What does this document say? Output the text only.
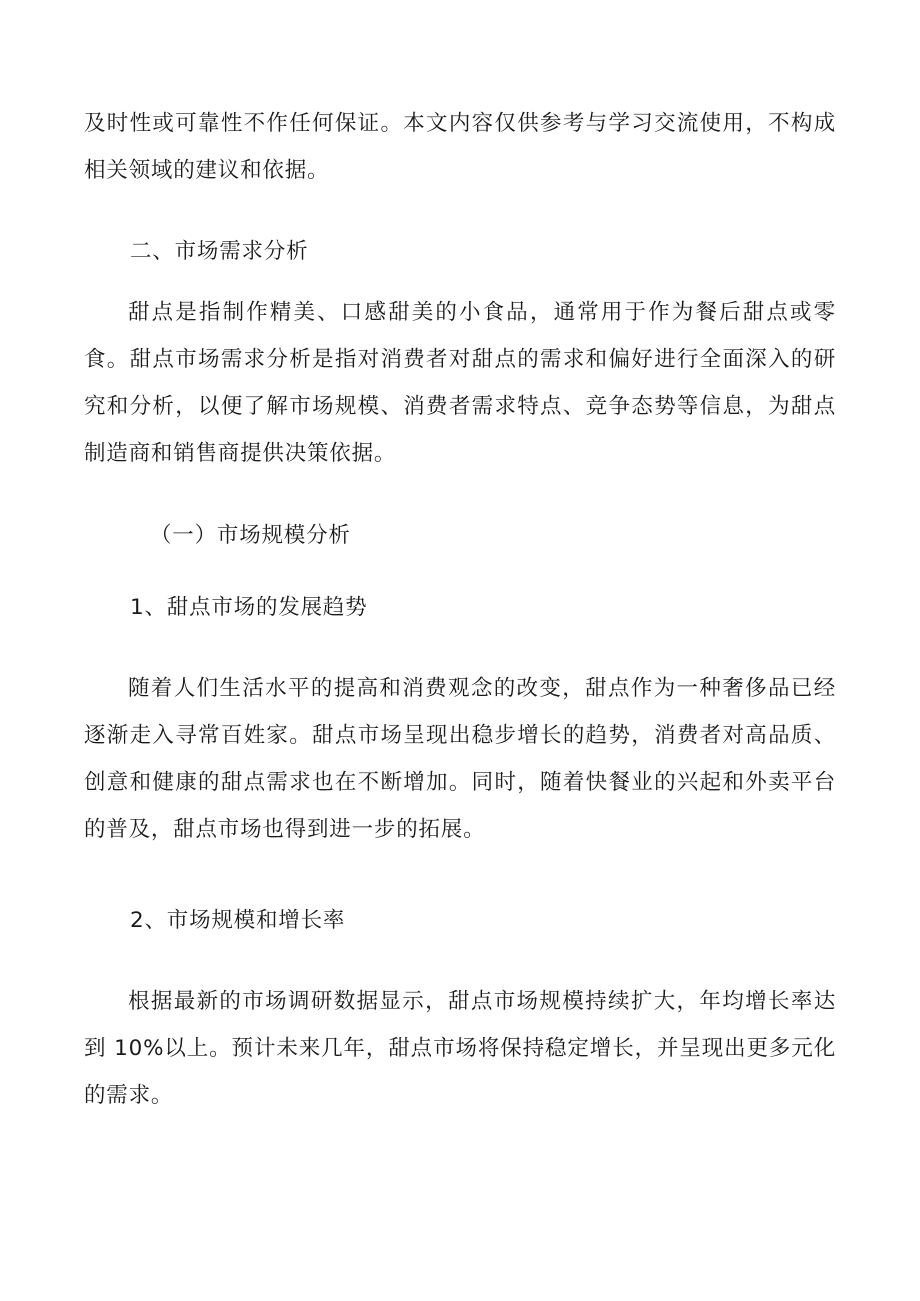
及时性或可靠性不作任何保证。本文内容仅供参考与学习交流使用，不构成相关领域的建议和依据。

二、市场需求分析

甜点是指制作精美、口感甜美的小食品，通常用于作为餐后甜点或零食。甜点市场需求分析是指对消费者对甜点的需求和偏好进行全面深入的研究和分析，以便了解市场规模、消费者需求特点、竞争态势等信息，为甜点制造商和销售商提供决策依据。

（一）市场规模分析
1、甜点市场的发展趋势

随着人们生活水平的提高和消费观念的改变，甜点作为一种奢侈品已经逐渐走入寻常百姓家。甜点市场呈现出稳步增长的趋势，消费者对高品质、创意和健康的甜点需求也在不断增加。同时，随着快餐业的兴起和外卖平台的普及，甜点市场也得到进一步的拓展。

2、市场规模和增长率

根据最新的市场调研数据显示，甜点市场规模持续扩大，年均增长率达到 10%以上。预计未来几年，甜点市场将保持稳定增长，并呈现出更多元化的需求。
